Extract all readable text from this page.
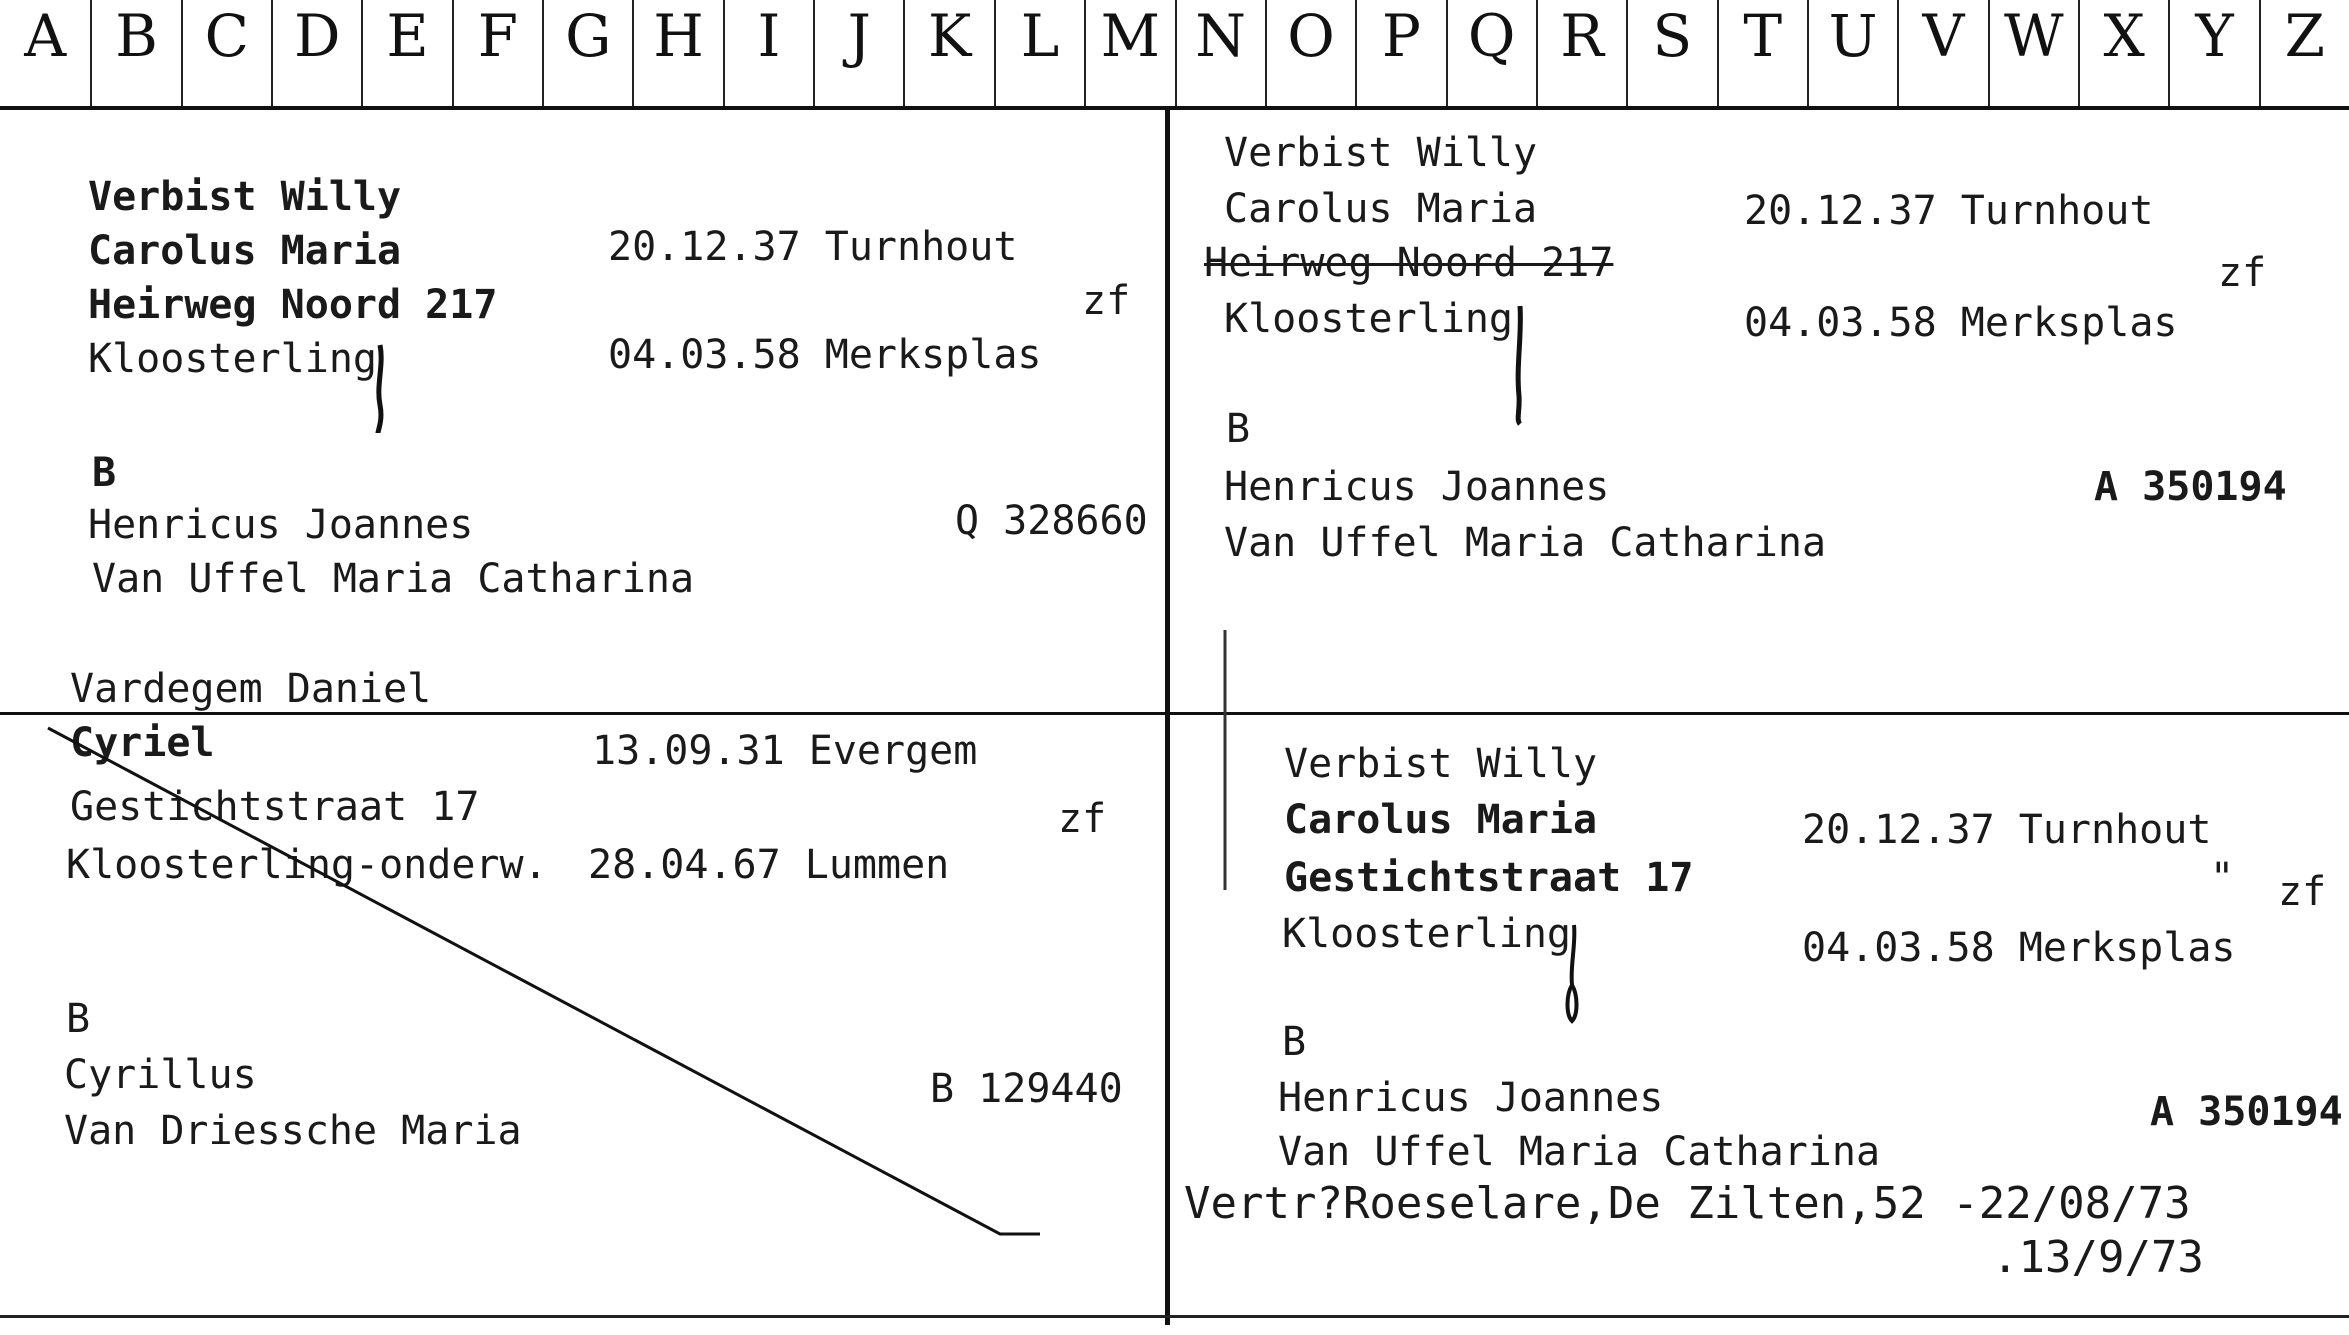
A B C D E F G H I	J K L M N O P Q R S T U V W X Y Z
Verbist Willy
Carolus Maria	20.12.37 Turnhout
Heirweg Noord 217	zf
Kloosterling	04.03.58 Merksplas
B
Henricus Joannes	Q 328660
Van Uffel Maria Catharina
Verbist Willy
Carolus Maria	20.12.37 Turnhout
Heirweg Noord 217	zf
Kloosterling	04.03.58 Merksplas
B
Henricus Joannes	A 350194
Van Uffel Maria Catharina
Vardegem Daniel
Cyriel	13.09.31 Evergem
Gestichtstraat 17	zf
Kloosterling-onderw. 28.04.67 Lummen
B
Cyrillus	B 129440
Van Driessche Maria
Verbist Willy
Carolus Maria	20.12.37 Turnhout
Gestichtstraat 17	" zf
Kloosterling	04.03.58 Merksplas
B
Henricus Joannes	A 350194
Van Uffel Maria Catharina
Vertr?Roeselare,De Zilten,52 -22/08/73
.13/9/73
